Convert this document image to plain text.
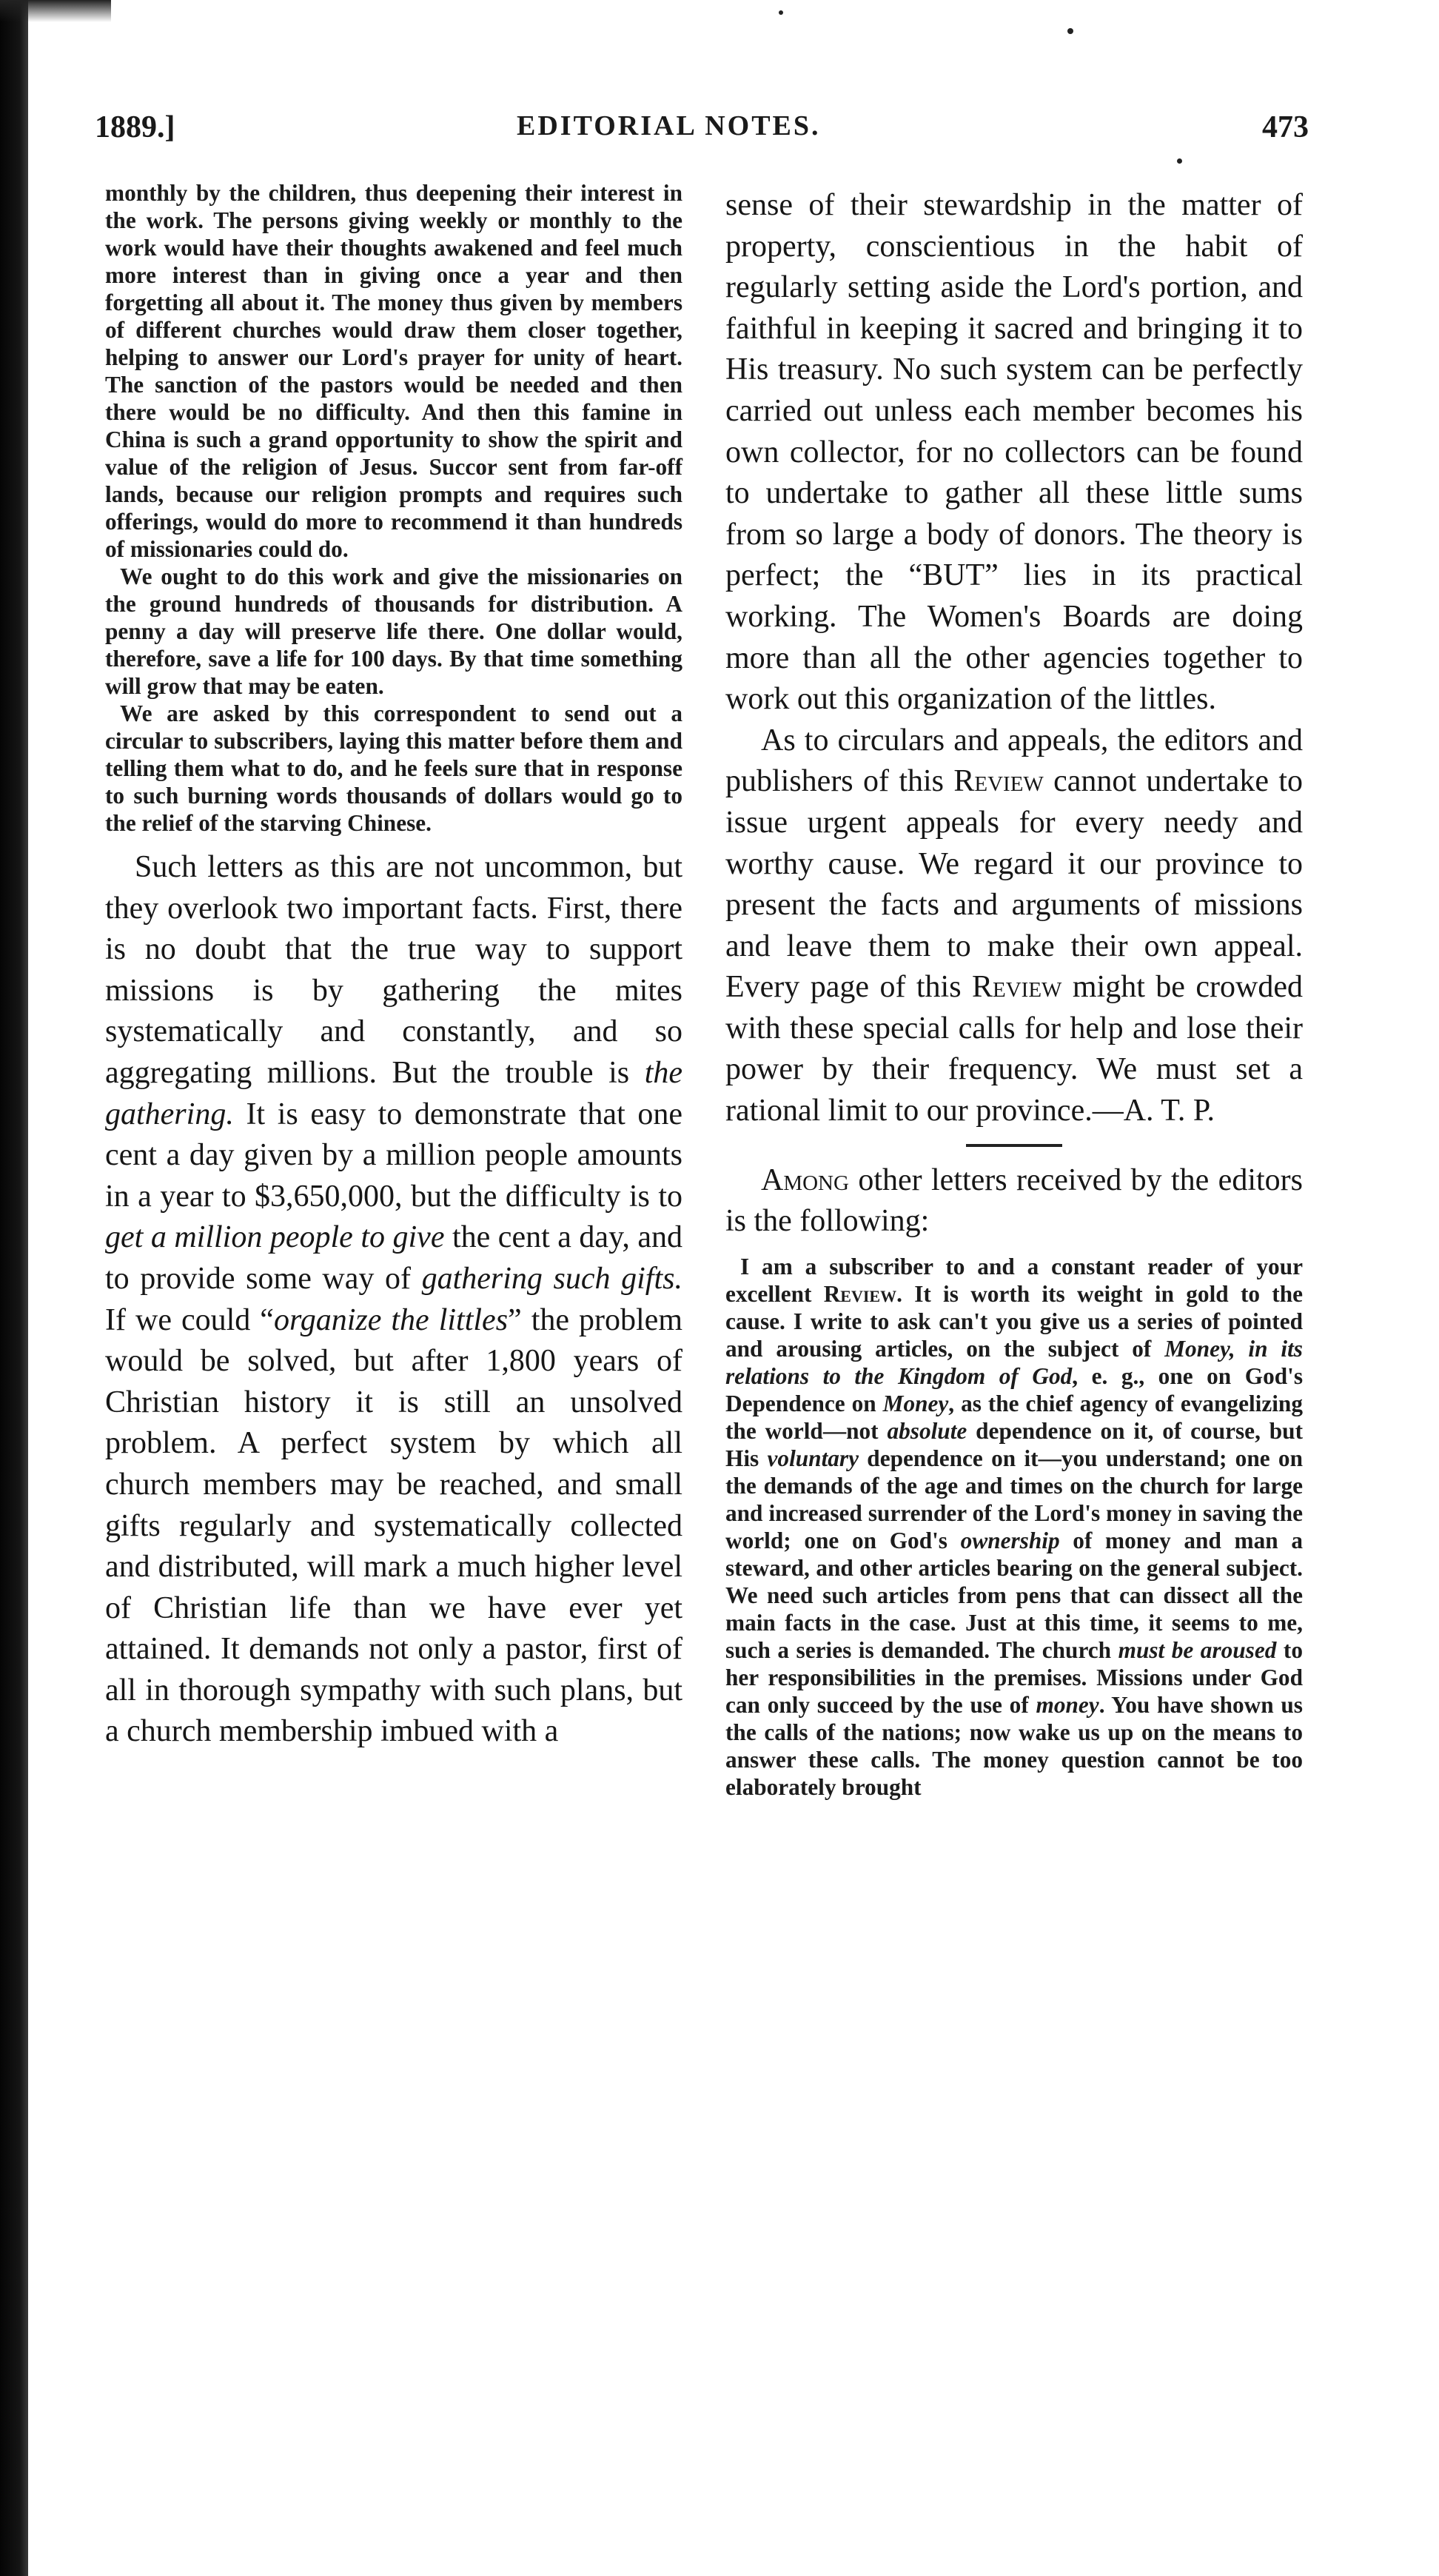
1889.]	EDITORIAL NOTES.	473

monthly by the children, thus deepening their interest in the work. The persons giving weekly or monthly to the work would have their thoughts awakened and feel much more interest than in giving once a year and then forgetting all about it. The money thus given by members of different churches would draw them closer together, helping to answer our Lord's prayer for unity of heart. The sanction of the pastors would be needed and then there would be no difficulty. And then this famine in China is such a grand opportunity to show the spirit and value of the religion of Jesus. Succor sent from far-off lands, because our religion prompts and requires such offerings, would do more to recommend it than hundreds of missionaries could do.

We ought to do this work and give the missionaries on the ground hundreds of thousands for distribution. A penny a day will preserve life there. One dollar would, therefore, save a life for 100 days. By that time something will grow that may be eaten.

We are asked by this correspondent to send out a circular to subscribers, laying this matter before them and telling them what to do, and he feels sure that in response to such burning words thousands of dollars would go to the relief of the starving Chinese.

Such letters as this are not uncommon, but they overlook two important facts. First, there is no doubt that the true way to support missions is by gathering the mites systematically and constantly, and so aggregating millions. But the trouble is the gathering. It is easy to demonstrate that one cent a day given by a million people amounts in a year to $3,650,000, but the difficulty is to get a million people to give the cent a day, and to provide some way of gathering such gifts. If we could “organize the littles” the problem would be solved, but after 1,800 years of Christian history it is still an unsolved problem. A perfect system by which all church members may be reached, and small gifts regularly and systematically collected and distributed, will mark a much higher level of Christian life than we have ever yet attained. It demands not only a pastor, first of all in thorough sympathy with such plans, but a church membership imbued with a

sense of their stewardship in the matter of property, conscientious in the habit of regularly setting aside the Lord's portion, and faithful in keeping it sacred and bringing it to His treasury. No such system can be perfectly carried out unless each member becomes his own collector, for no collectors can be found to undertake to gather all these little sums from so large a body of donors. The theory is perfect; the “BUT” lies in its practical working. The Women's Boards are doing more than all the other agencies together to work out this organization of the littles.

As to circulars and appeals, the editors and publishers of this Review cannot undertake to issue urgent appeals for every needy and worthy cause. We regard it our province to present the facts and arguments of missions and leave them to make their own appeal. Every page of this Review might be crowded with these special calls for help and lose their power by their frequency. We must set a rational limit to our province.—A. T. P.

Among other letters received by the editors is the following:

I am a subscriber to and a constant reader of your excellent Review. It is worth its weight in gold to the cause. I write to ask can't you give us a series of pointed and arousing articles, on the subject of Money, in its relations to the Kingdom of God, e. g., one on God's Dependence on Money, as the chief agency of evangelizing the world—not absolute dependence on it, of course, but His voluntary dependence on it—you understand; one on the demands of the age and times on the church for large and increased surrender of the Lord's money in saving the world; one on God's ownership of money and man a steward, and other articles bearing on the general subject. We need such articles from pens that can dissect all the main facts in the case. Just at this time, it seems to me, such a series is demanded. The church must be aroused to her responsibilities in the premises. Missions under God can only succeed by the use of money. You have shown us the calls of the nations; now wake us up on the means to answer these calls. The money question cannot be too elaborately brought
